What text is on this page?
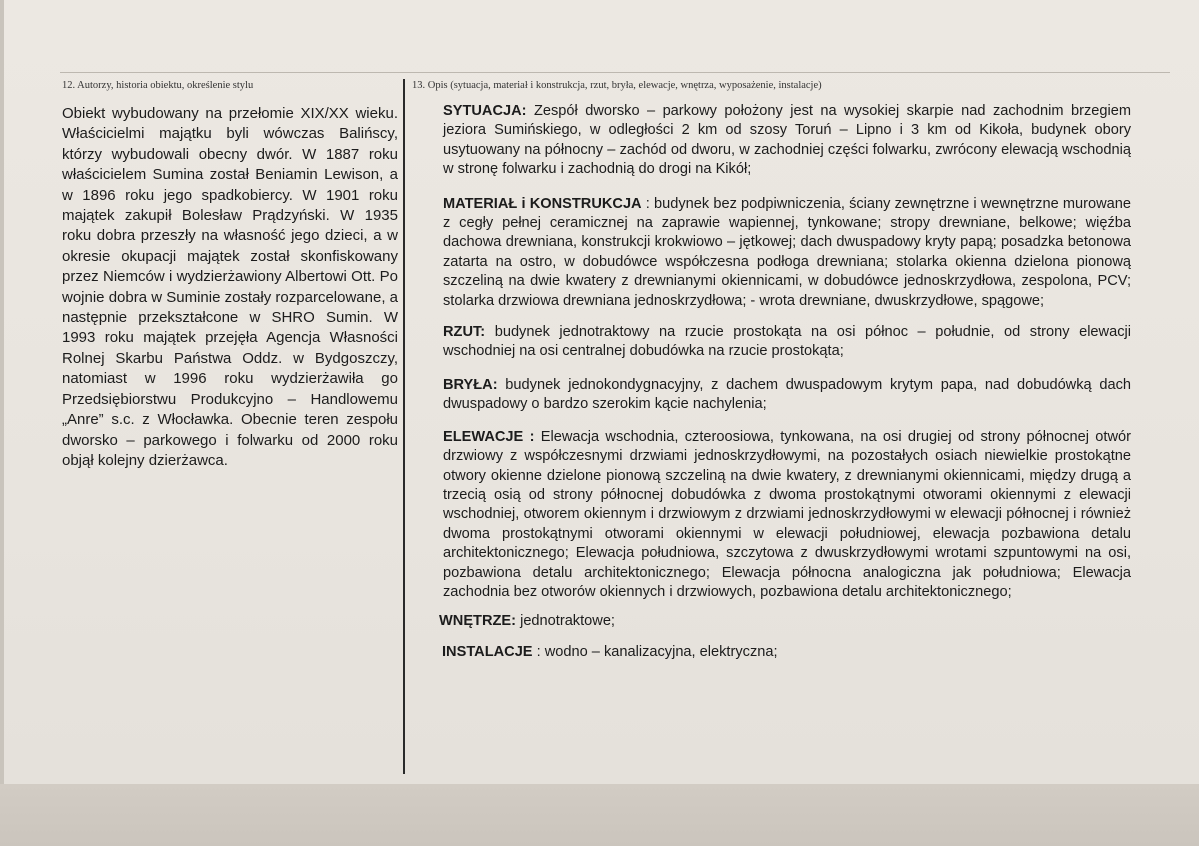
12. Autorzy, historia obiektu, określenie stylu	13. Opis (sytuacja, materiał i konstrukcja, rzut, bryła, elewacje, wnętrza, wyposażenie, instalacje)
Obiekt wybudowany na przełomie XIX/XX wieku. Właścicielmi majątku byli wówczas Balińscy, którzy wybudowali obecny dwór. W 1887 roku właścicielem Sumina został Beniamin Lewison, a w 1896 roku jego spadkobiercy. W 1901 roku majątek zakupił Bolesław Prądzyński. W 1935 roku dobra przeszły na własność jego dzieci, a w okresie okupacji majątek został skonfiskowany przez Niemców i wydzierżawiony Albertowi Ott. Po wojnie dobra w Suminie zostały rozparcelowane, a następnie przekształcone w SHRO Sumin. W 1993 roku majątek przejęła Agencja Własności Rolnej Skarbu Państwa Oddz. w Bydgoszczy, natomiast w 1996 roku wydzierżawiła go Przedsiębiorstwu Produkcyjno – Handlowemu „Anre” s.c. z Włocławka. Obecnie teren zespołu dworsko – parkowego i folwarku od 2000 roku objął kolejny dzierżawca.

SYTUACJA: Zespół dworsko – parkowy położony jest na wysokiej skarpie nad zachodnim brzegiem jeziora Sumińskiego, w odległości 2 km od szosy Toruń – Lipno i 3 km od Kikoła, budynek obory usytuowany na północny – zachód od dworu, w zachodniej części folwarku, zwrócony elewacją wschodnią w stronę folwarku i zachodnią do drogi na Kikół;

MATERIAŁ i KONSTRUKCJA : budynek bez podpiwniczenia, ściany zewnętrzne i wewnętrzne murowane z cegły pełnej ceramicznej na zaprawie wapiennej, tynkowane; stropy drewniane, belkowe; więźba dachowa drewniana, konstrukcji krokwiowo – jętkowej; dach dwuspadowy kryty papą; posadzka betonowa zatarta na ostro, w dobudówce współczesna podłoga drewniana; stolarka okienna dzielona pionową szczeliną na dwie kwatery z drewnianymi okiennicami, w dobudówce jednoskrzydłowa, zespolona, PCV; stolarka drzwiowa drewniana jednoskrzydłowa; - wrota drewniane, dwuskrzydłowe, spągowe;

RZUT: budynek jednotraktowy na rzucie prostokąta na osi północ – południe, od strony elewacji wschodniej na osi centralnej dobudówka na rzucie prostokąta;

BRYŁA: budynek jednokondygnacyjny, z dachem dwuspadowym krytym papa, nad dobudówką dach dwuspadowy o bardzo szerokim kącie nachylenia;

ELEWACJE : Elewacja wschodnia, czteroosiowa, tynkowana, na osi drugiej od strony północnej otwór drzwiowy z współczesnymi drzwiami jednoskrzydłowymi, na pozostałych osiach niewielkie prostokątne otwory okienne dzielone pionową szczeliną na dwie kwatery, z drewnianymi okiennicami, między drugą a trzecią osią od strony północnej dobudówka z dwoma prostokątnymi otworami okiennymi z elewacji wschodniej, otworem okiennym i drzwiowym z drzwiami jednoskrzydłowymi w elewacji północnej i również dwoma prostokątnymi otworami okiennymi w elewacji południowej, elewacja pozbawiona detalu architektonicznego; Elewacja południowa, szczytowa z dwuskrzydłowymi wrotami szpuntowymi na osi, pozbawiona detalu architektonicznego; Elewacja północna analogiczna jak południowa; Elewacja zachodnia bez otworów okiennych i drzwiowych, pozbawiona detalu architektonicznego;

WNĘTRZE: jednotraktowe;

INSTALACJE : wodno – kanalizacyjna, elektryczna;
